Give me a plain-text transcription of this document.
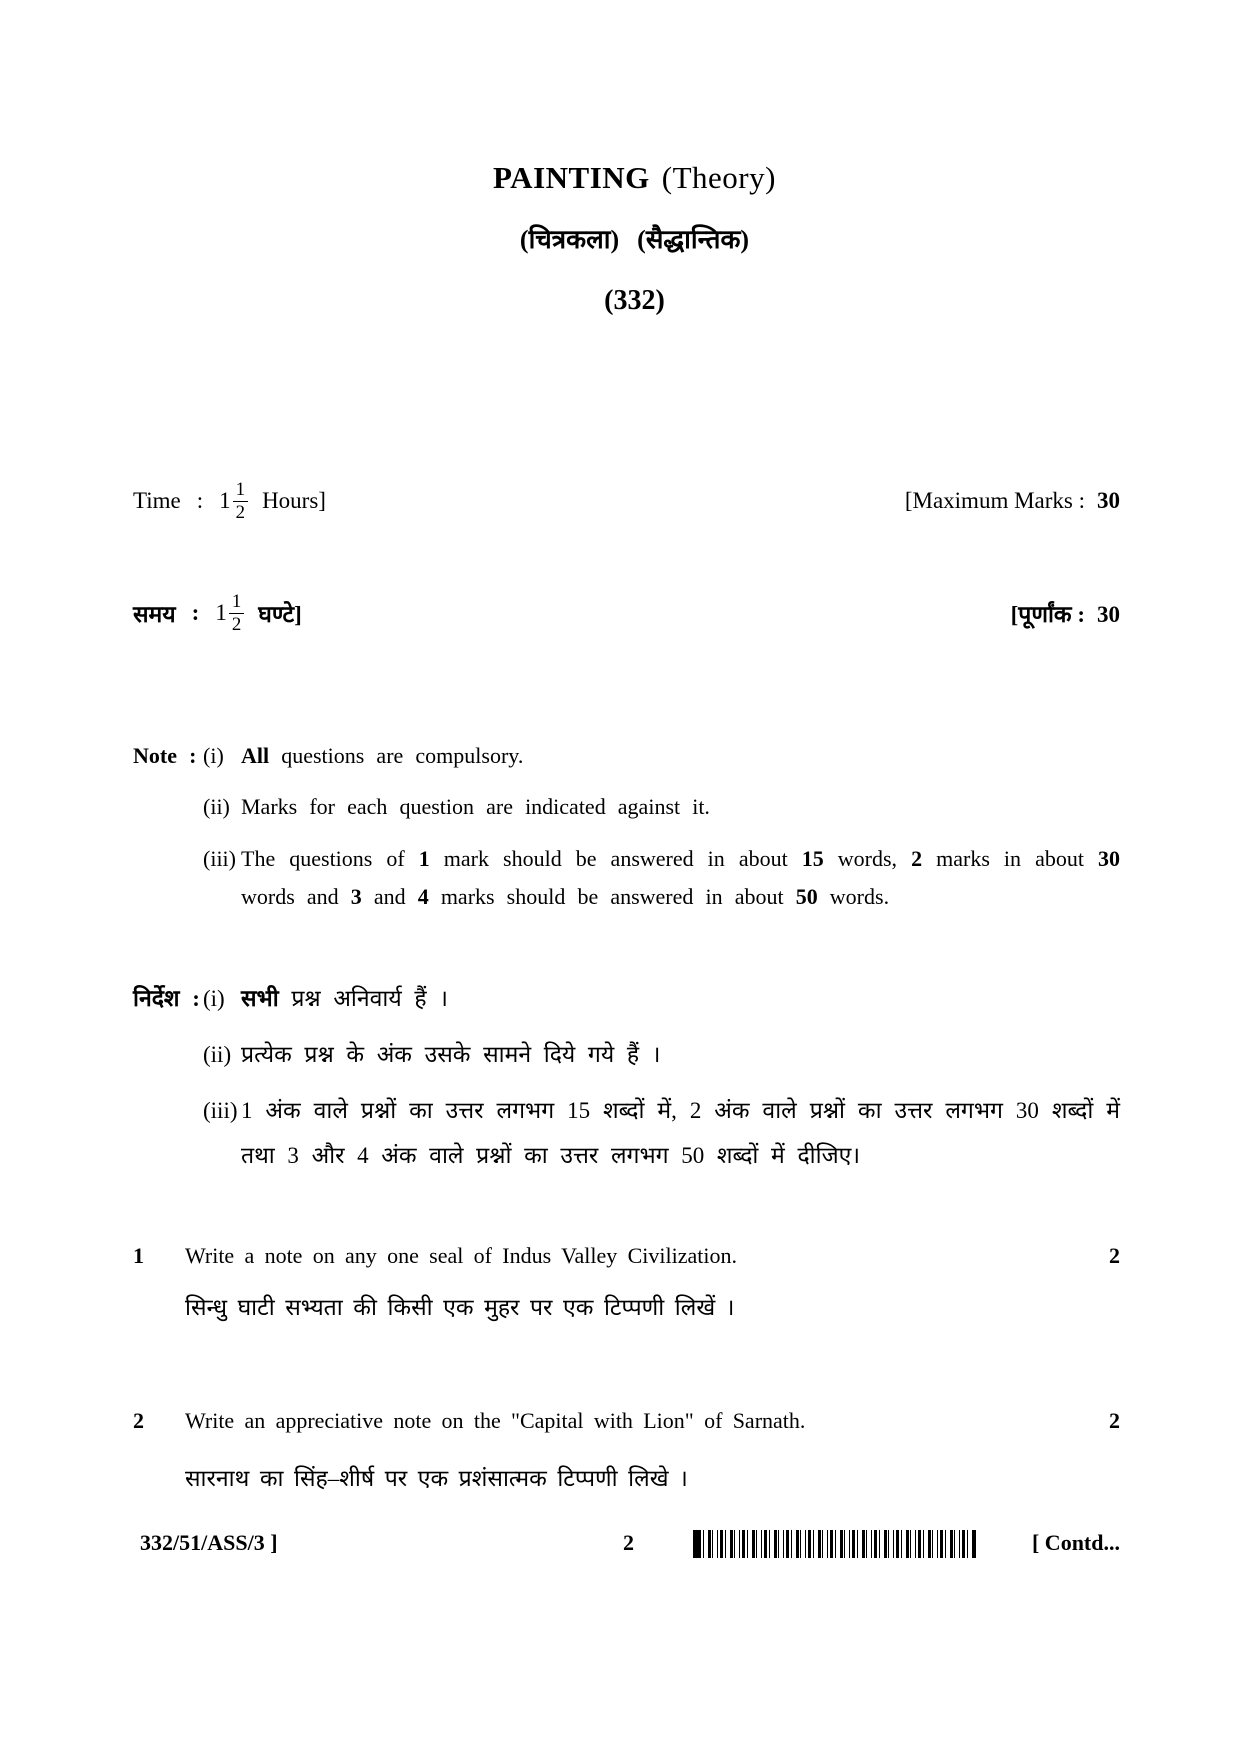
PAINTING (Theory)
(चित्रकला) (सैद्धान्तिक)
(332)
Time : $1 \frac{1}{2}$ Hours]	[Maximum Marks : 30
समय : $1 \frac{1}{2}$ घण्टे]	[पूर्णांक : 30
Note : (i) All questions are compulsory.
(ii) Marks for each question are indicated against it.
(iii) The questions of 1 mark should be answered in about 15 words, 2 marks in about 30 words and 3 and 4 marks should be answered in about 50 words.
निर्देश : (i) सभी प्रश्न अनिवार्य हैं ।
(ii) प्रत्येक प्रश्न के अंक उसके सामने दिये गये हैं ।
(iii) 1 अंक वाले प्रश्नों का उत्तर लगभग 15 शब्दों में, 2 अंक वाले प्रश्नों का उत्तर लगभग 30 शब्दों में तथा 3 और 4 अंक वाले प्रश्नों का उत्तर लगभग 50 शब्दों में दीजिए।
1	Write a note on any one seal of Indus Valley Civilization.	2
सिन्धु घाटी सभ्यता की किसी एक मुहर पर एक टिप्पणी लिखें ।
2	Write an appreciative note on the "Capital with Lion" of Sarnath.	2
सारनाथ का सिंह–शीर्ष पर एक प्रशंसात्मक टिप्पणी लिखे ।
332/51/ASS/3 ]	2	[ Contd...
